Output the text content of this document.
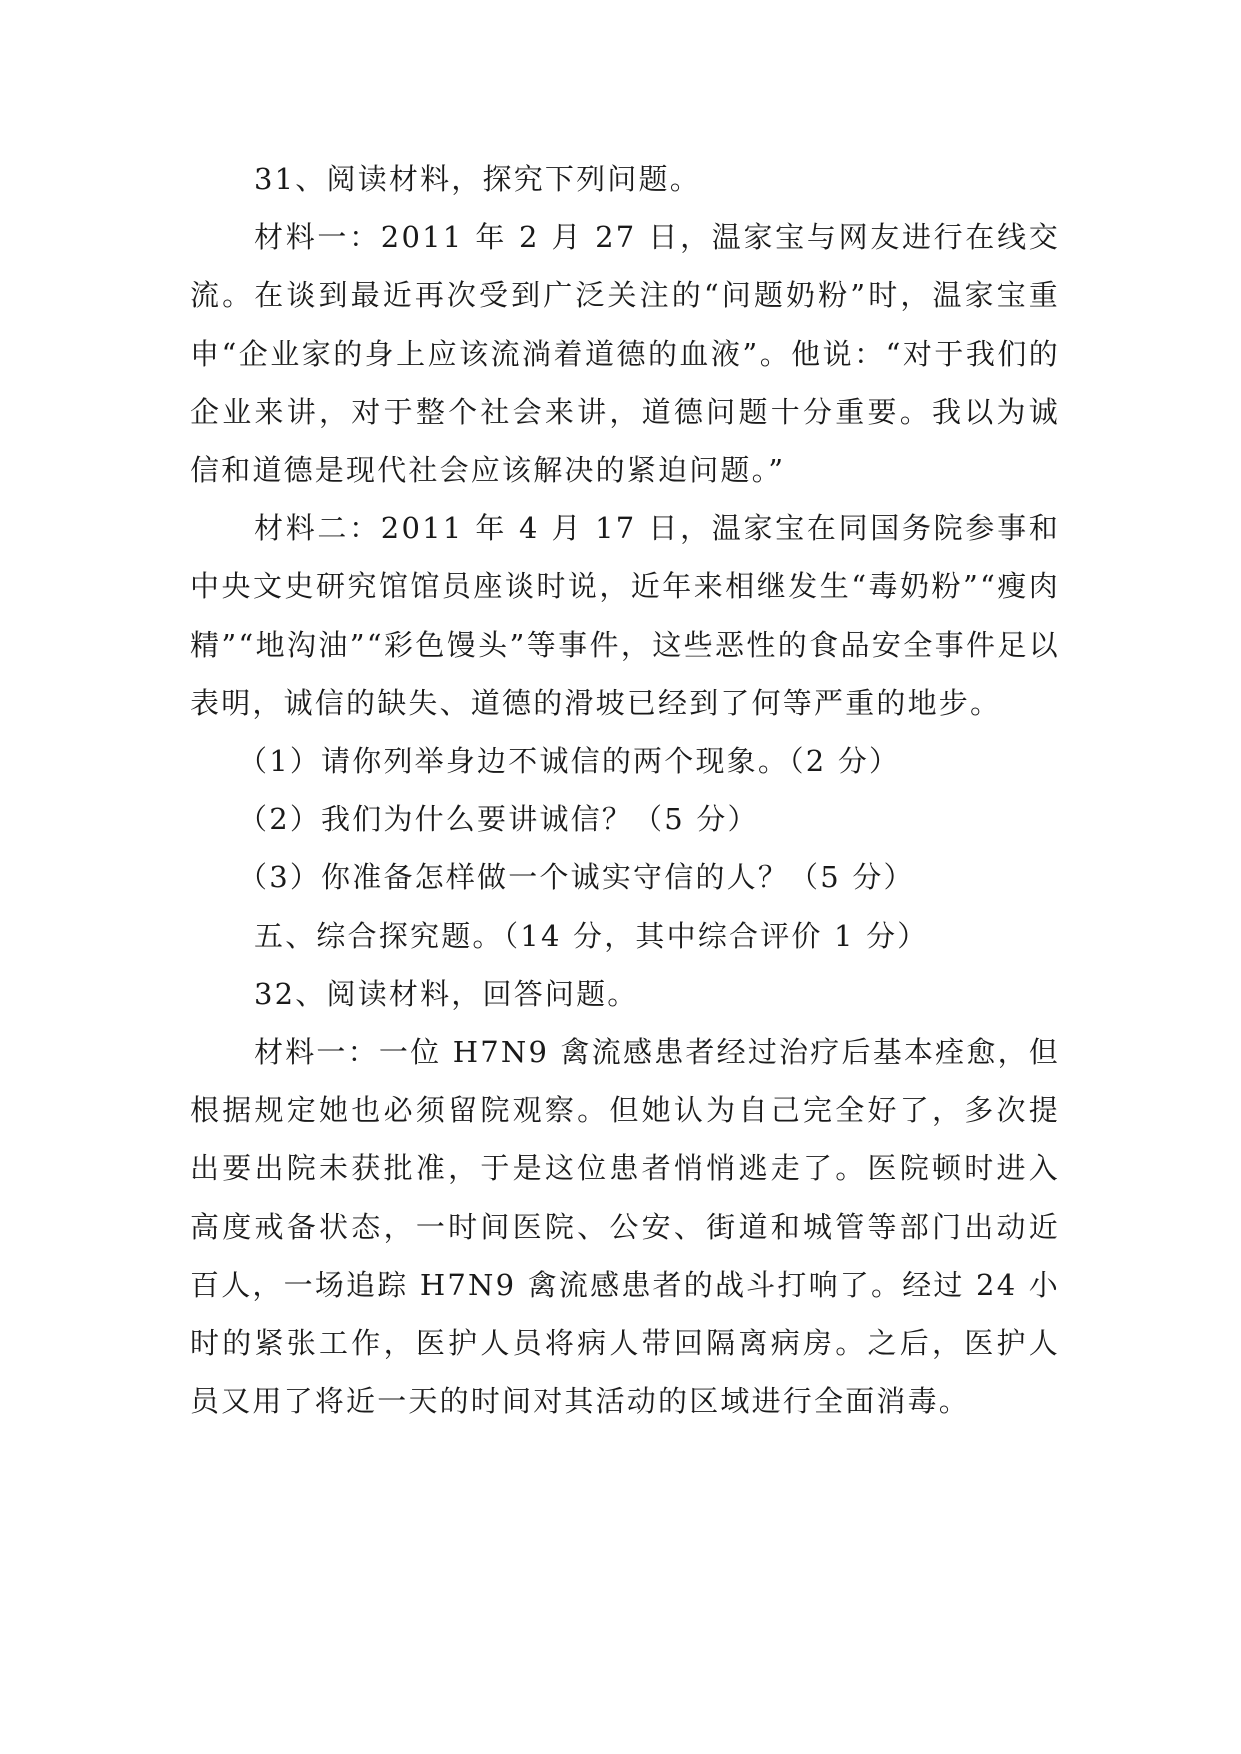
31、阅读材料，探究下列问题。

材料一：2011 年 2 月 27 日，温家宝与网友进行在线交流。在谈到最近再次受到广泛关注的“问题奶粉”时，温家宝重申“企业家的身上应该流淌着道德的血液”。他说：“对于我们的企业来讲，对于整个社会来讲，道德问题十分重要。我以为诚信和道德是现代社会应该解决的紧迫问题。”

材料二：2011 年 4 月 17 日，温家宝在同国务院参事和中央文史研究馆馆员座谈时说，近年来相继发生“毒奶粉”“瘦肉精”“地沟油”“彩色馒头”等事件，这些恶性的食品安全事件足以表明，诚信的缺失、道德的滑坡已经到了何等严重的地步。

（1）请你列举身边不诚信的两个现象。（2 分）

（2）我们为什么要讲诚信？（5 分）

（3）你准备怎样做一个诚实守信的人？（5 分）

五、综合探究题。（14 分，其中综合评价 1 分）

32、阅读材料，回答问题。

材料一：一位 H7N9 禽流感患者经过治疗后基本痊愈，但根据规定她也必须留院观察。但她认为自己完全好了，多次提出要出院未获批准，于是这位患者悄悄逃走了。医院顿时进入高度戒备状态，一时间医院、公安、街道和城管等部门出动近百人，一场追踪 H7N9 禽流感患者的战斗打响了。经过 24 小时的紧张工作，医护人员将病人带回隔离病房。之后，医护人员又用了将近一天的时间对其活动的区域进行全面消毒。
